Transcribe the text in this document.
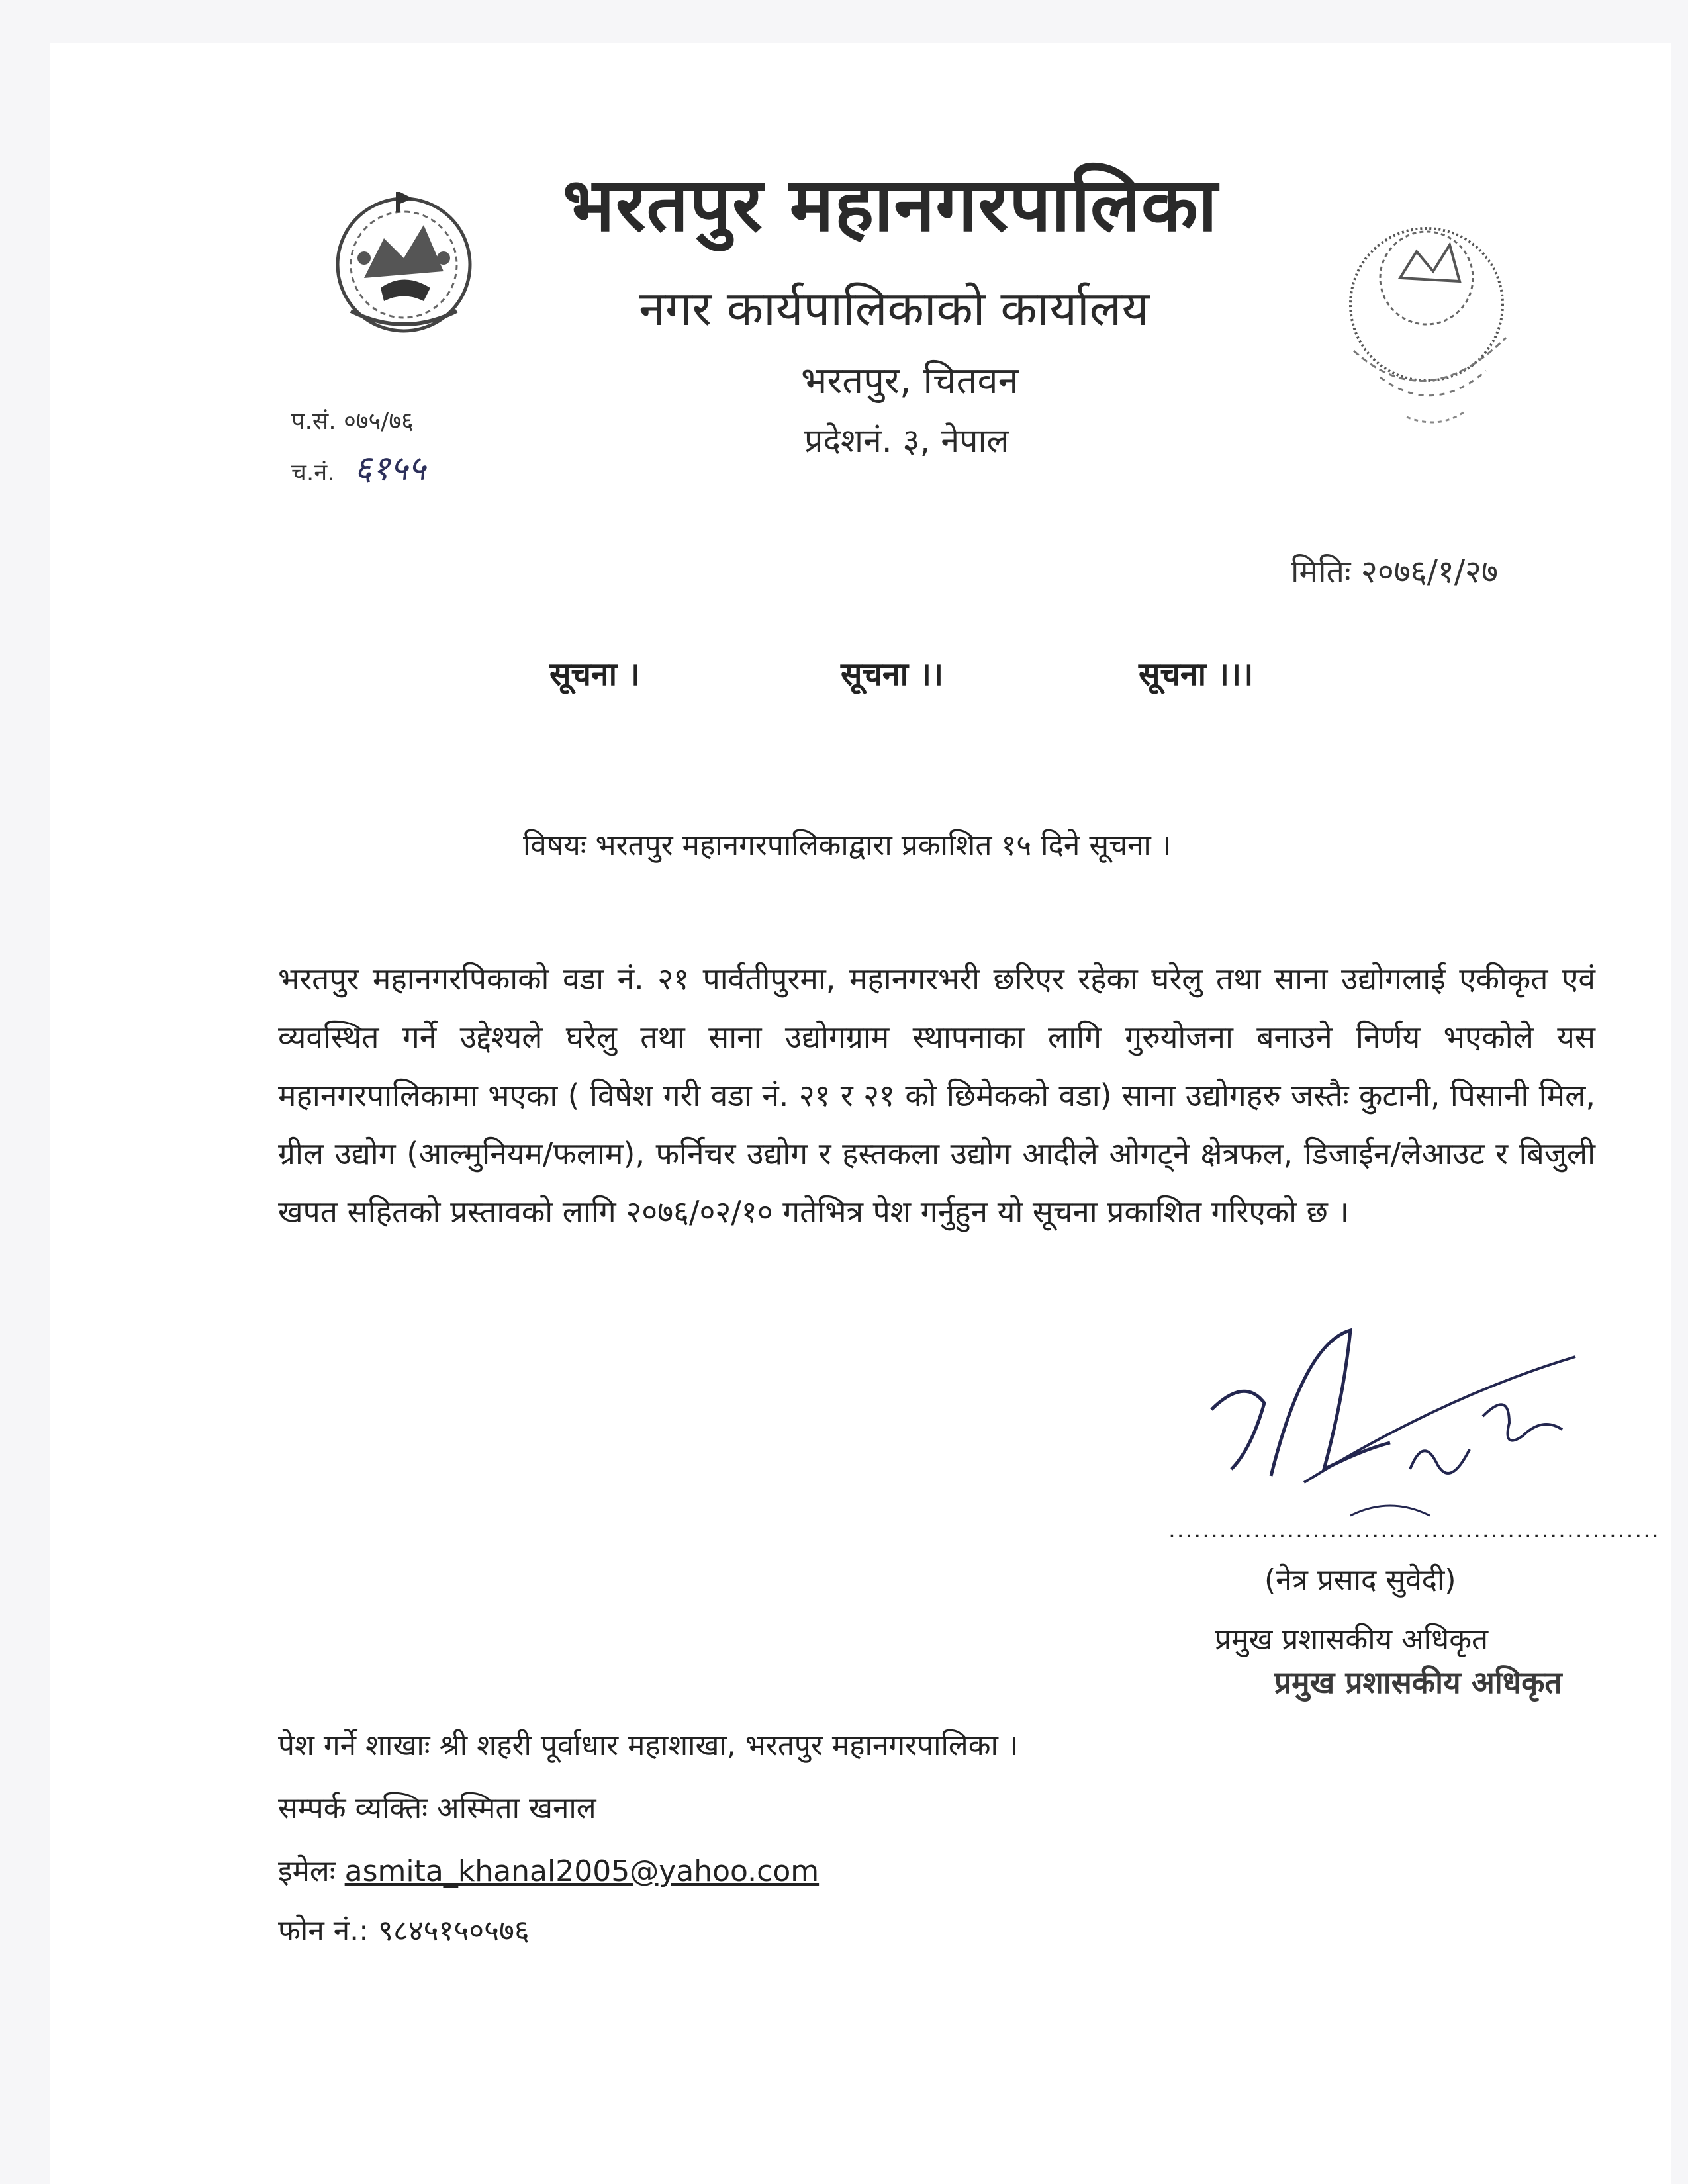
भरतपुर महानगरपालिका
नगर कार्यपालिकाको कार्यालय
भरतपुर, चितवन
प्रदेशनं. ३, नेपाल
प.सं. ०७५/७६
च.नं. ६१५५
मितिः २०७६/१/२७
सूचना ।	सूचना ।।	सूचना ।।।
विषयः भरतपुर महानगरपालिकाद्वारा प्रकाशित १५ दिने सूचना ।
भरतपुर महानगरपिकाको वडा नं. २१ पार्वतीपुरमा, महानगरभरी छरिएर रहेका घरेलु तथा साना उद्योगलाई एकीकृत एवं व्यवस्थित गर्ने उद्देश्यले घरेलु तथा साना उद्योगग्राम स्थापनाका लागि गुरुयोजना बनाउने निर्णय भएकोले यस महानगरपालिकामा भएका ( विषेश गरी वडा नं. २१ र २१ को छिमेकको वडा) साना उद्योगहरु जस्तैः कुटानी, पिसानी मिल, ग्रील उद्योग (आल्मुनियम/फलाम), फर्निचर उद्योग र हस्तकला उद्योग आदीले ओगट्ने क्षेत्रफल, डिजाईन/लेआउट र बिजुली खपत सहितको प्रस्तावको लागि २०७६/०२/१० गतेभित्र पेश गर्नुहुन यो सूचना प्रकाशित गरिएको छ ।
..........................................................
(नेत्र प्रसाद सुवेदी)
प्रमुख प्रशासकीय अधिकृत
प्रमुख प्रशासकीय अधिकृत
पेश गर्ने शाखाः श्री शहरी पूर्वाधार महाशाखा, भरतपुर महानगरपालिका ।
सम्पर्क व्यक्तिः अस्मिता खनाल
इमेलः asmita_khanal2005@yahoo.com
फोन नं.: ९८४५१५०५७६
